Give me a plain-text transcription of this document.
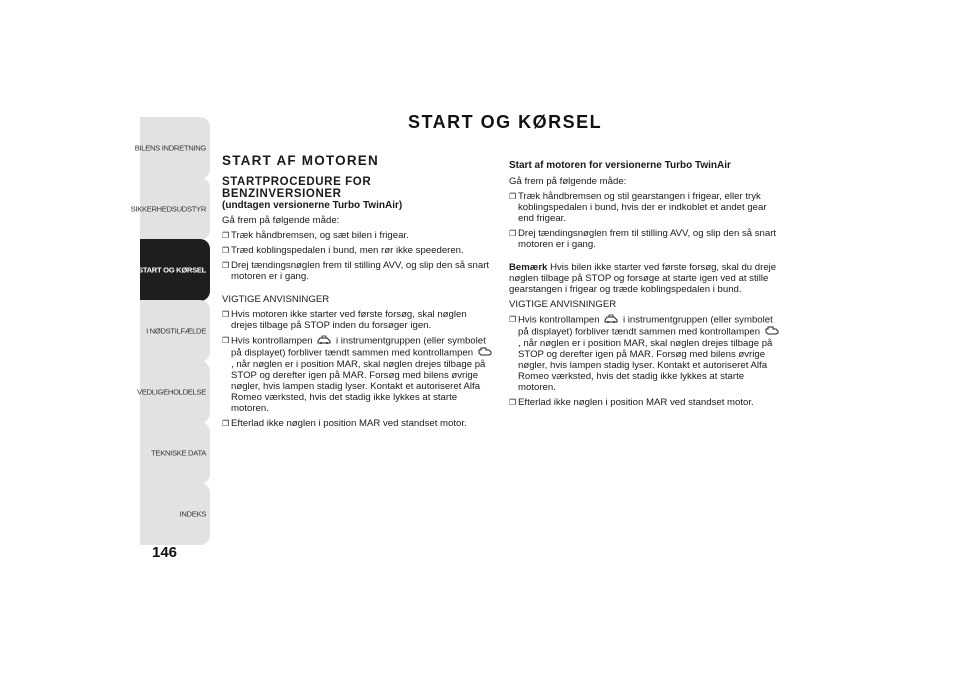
BILENS INDRETNING
SIKKERHEDSUDSTYR
START OG KØRSEL
I NØDSTILFÆLDE
VEDLIGEHOLDELSE
TEKNISKE DATA
INDEKS
146
START OG KØRSEL
START AF MOTOREN
STARTPROCEDURE FOR BENZINVERSIONER
(undtagen versionerne Turbo TwinAir)
Gå frem på følgende måde:
❐ Træk håndbremsen, og sæt bilen i frigear.
❐ Træd koblingspedalen i bund, men rør ikke speederen.
❐ Drej tændingsnøglen frem til stilling AVV, og slip den så snart motoren er i gang.
VIGTIGE ANVISNINGER
❐ Hvis motoren ikke starter ved første forsøg, skal nøglen drejes tilbage på STOP inden du forsøger igen.
❐ Hvis kontrollampen i instrumentgruppen (eller symbolet på displayet) forbliver tændt sammen med kontrollampen  , når nøglen er i position MAR, skal nøglen drejes tilbage på STOP og derefter igen på MAR. Forsøg med bilens øvrige nøgler, hvis lampen stadig lyser. Kontakt et autoriseret Alfa Romeo værksted, hvis det stadig ikke lykkes at starte motoren.
❐ Efterlad ikke nøglen i position MAR ved standset motor.
Start af motoren for versionerne Turbo TwinAir
Gå frem på følgende måde:
❐ Træk håndbremsen og stil gearstangen i frigear, eller tryk koblingspedalen i bund, hvis der er indkoblet et andet gear end frigear.
❐ Drej tændingsnøglen frem til stilling AVV, og slip den så snart motoren er i gang.
Bemærk Hvis bilen ikke starter ved første forsøg, skal du dreje nøglen tilbage på STOP og forsøge at starte igen ved at stille gearstangen i frigear og træde koblingspedalen i bund.
VIGTIGE ANVISNINGER
❐ Hvis kontrollampen i instrumentgruppen (eller symbolet på displayet) forbliver tændt sammen med kontrollampen  , når nøglen er i position MAR, skal nøglen drejes tilbage på STOP og derefter igen på MAR. Forsøg med bilens øvrige nøgler, hvis lampen stadig lyser. Kontakt et autoriseret Alfa Romeo værksted, hvis det stadig ikke lykkes at starte motoren.
❐ Efterlad ikke nøglen i position MAR ved standset motor.
